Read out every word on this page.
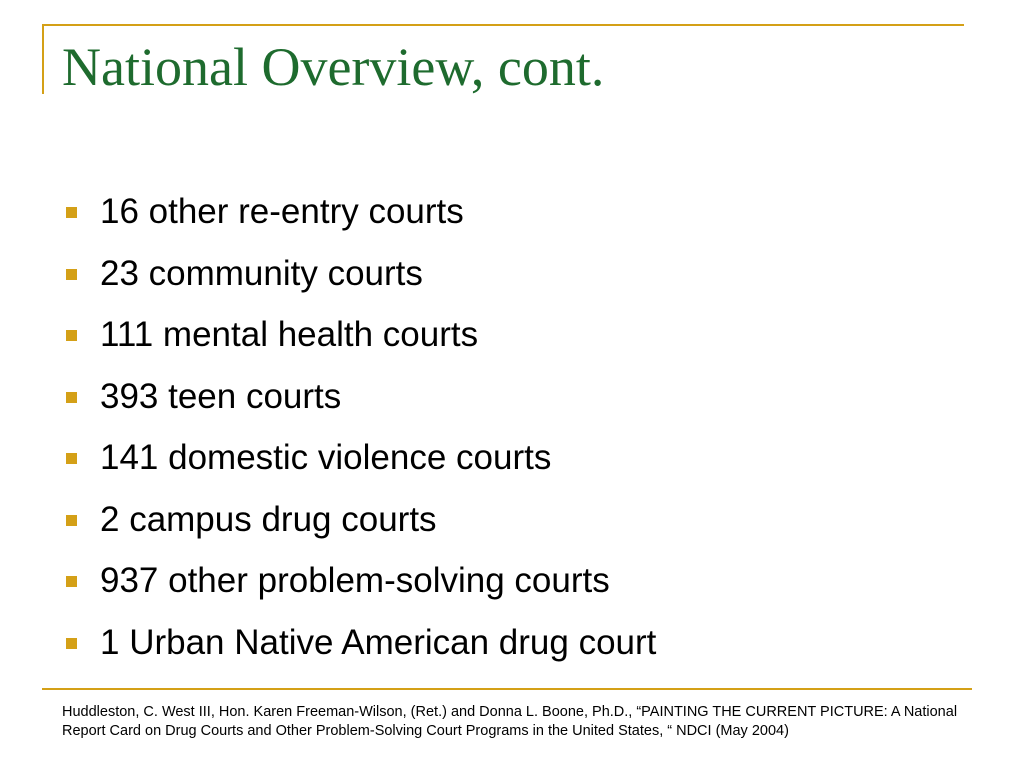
National Overview, cont.
16 other re-entry courts
23 community courts
111 mental health courts
393 teen courts
141 domestic violence courts
2 campus drug courts
937 other problem-solving courts
1 Urban Native American drug court

Huddleston, C. West III, Hon. Karen Freeman-Wilson, (Ret.) and Donna L. Boone, Ph.D., “PAINTING THE CURRENT PICTURE: A National Report Card on Drug Courts and Other Problem-Solving Court Programs in the United States, “ NDCI (May 2004)
